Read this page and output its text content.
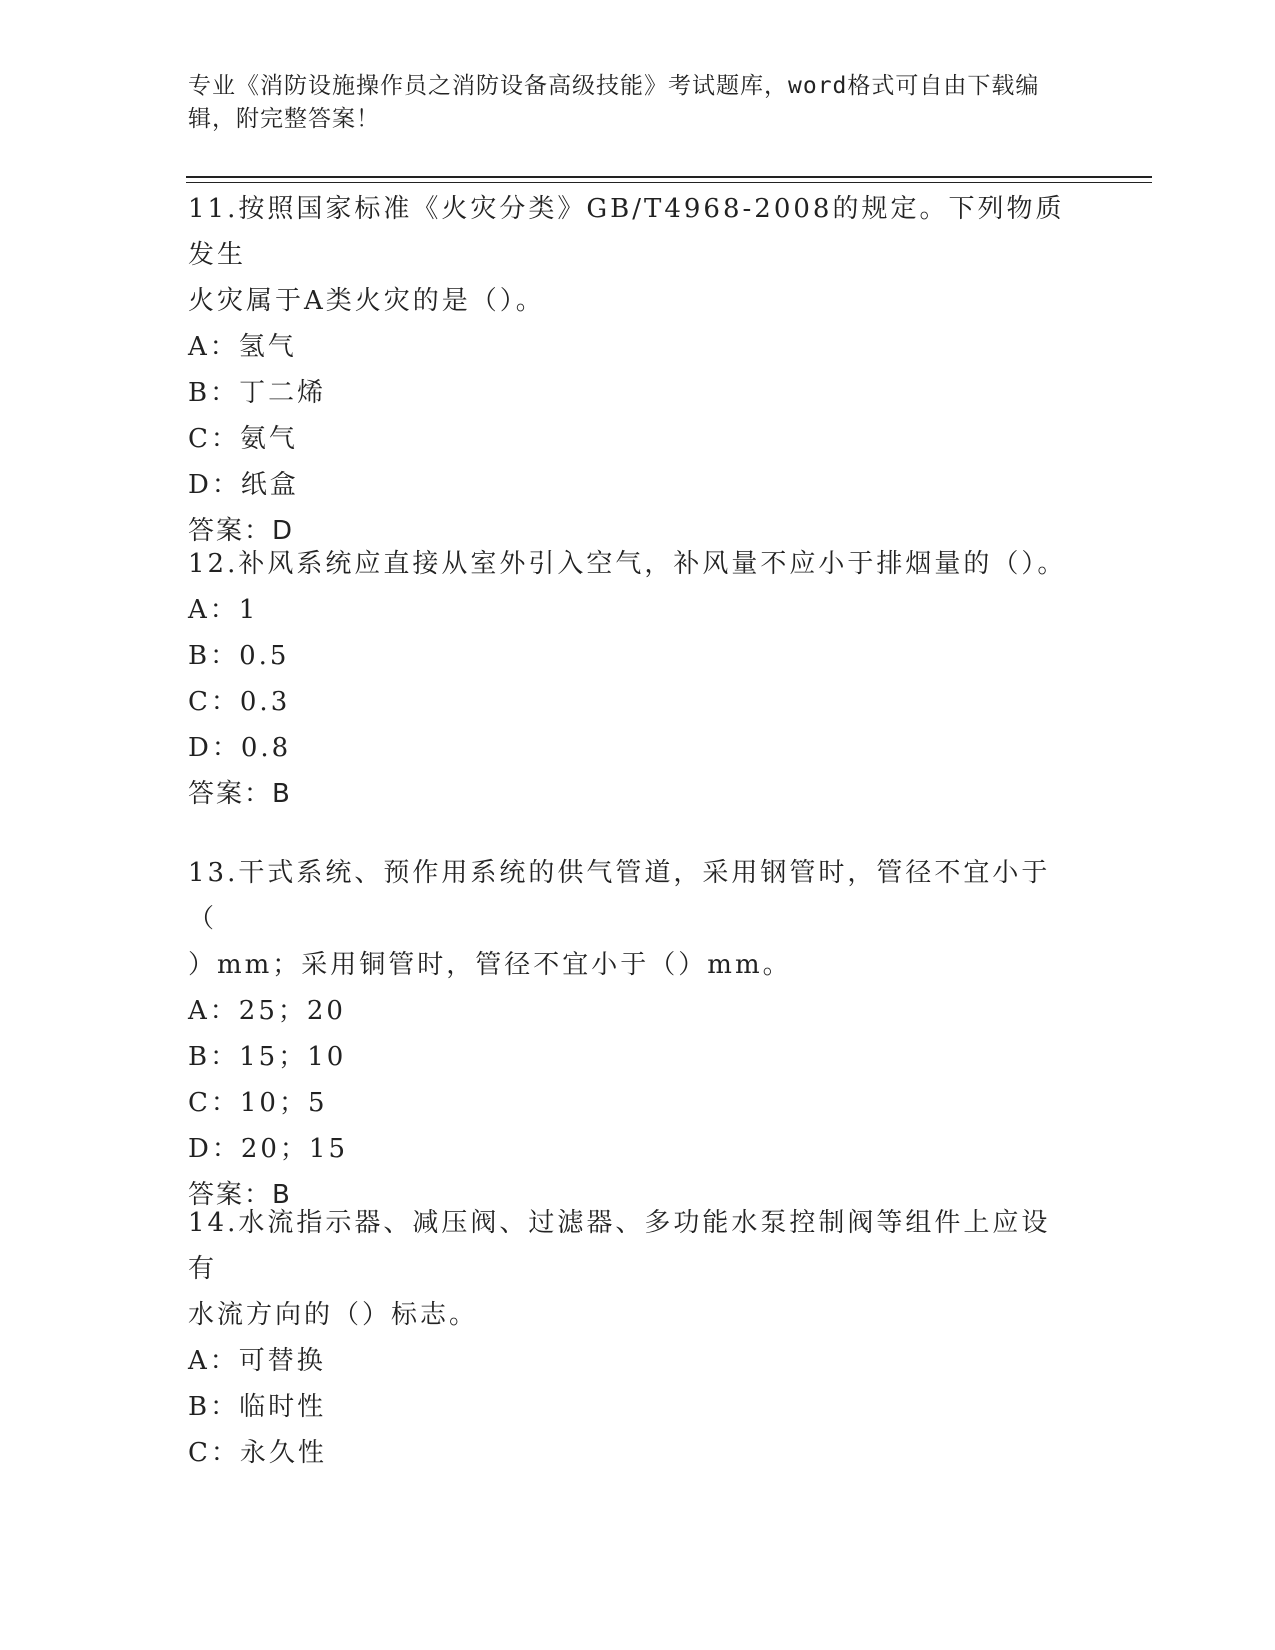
专业《消防设施操作员之消防设备高级技能》考试题库，word格式可自由下载编
辑，附完整答案！
11.按照国家标准《火灾分类》GB/T4968-2008的规定。下列物质发生
火灾属于A类火灾的是（）。
A：氢气
B：丁二烯
C：氨气
D：纸盒
答案：D
12.补风系统应直接从室外引入空气，补风量不应小于排烟量的（）。
A：1
B：0.5
C：0.3
D：0.8
答案：B
13.干式系统、预作用系统的供气管道，采用钢管时，管径不宜小于（
）mm；采用铜管时，管径不宜小于（）mm。
A：25；20
B：15；10
C：10；5
D：20；15
答案：B
14.水流指示器、减压阀、过滤器、多功能水泵控制阀等组件上应设有
水流方向的（）标志。
A：可替换
B：临时性
C：永久性
